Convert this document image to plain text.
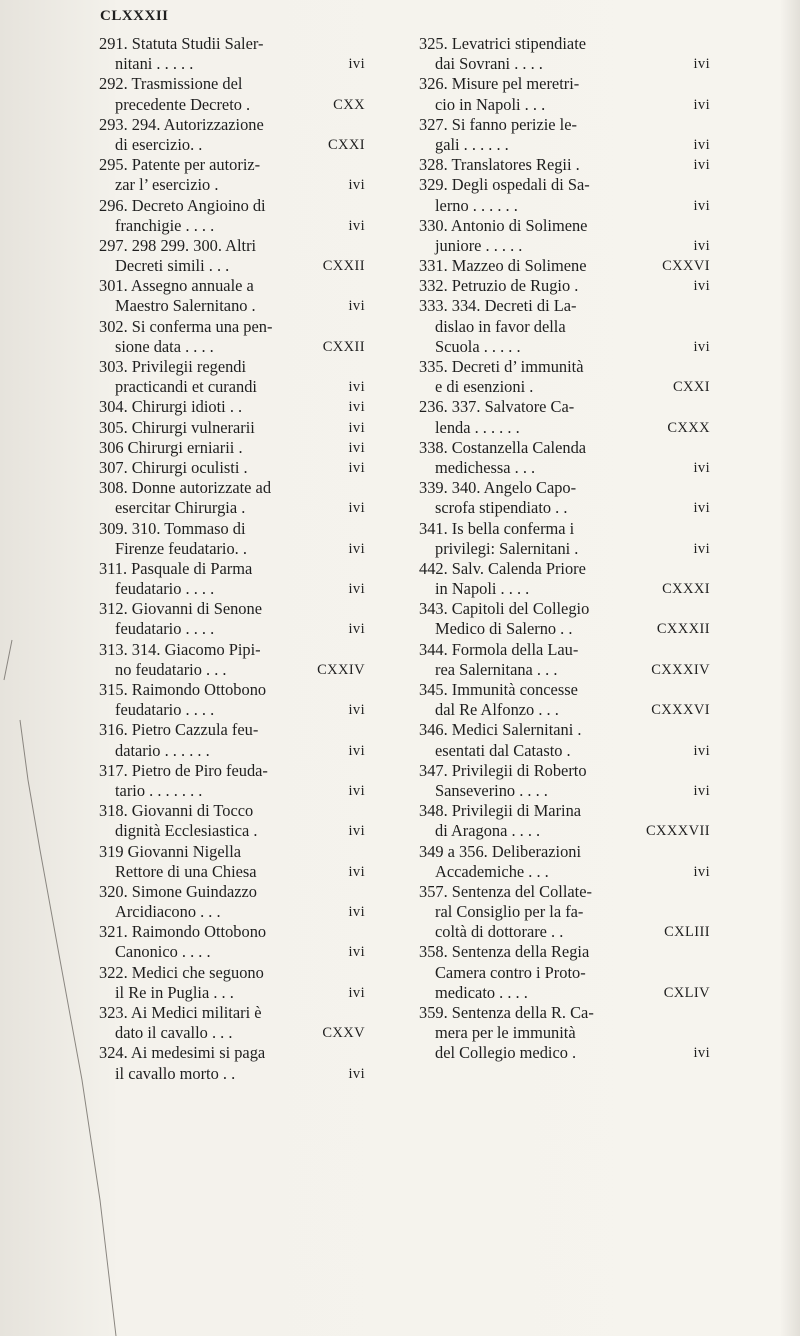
CLXXXII
291. Statuta Studii Saler-
nitani . . . . .	ivi
292. Trasmissione del
precedente Decreto .	CXX
293. 294. Autorizzazione
di esercizio. .	CXXI
295. Patente per autoriz-
zar l’ esercizio .	ivi
296. Decreto Angioino di
franchigie . . . .	ivi
297. 298 299. 300. Altri
Decreti simili . . .	CXXII
301. Assegno annuale a
Maestro Salernitano .	ivi
302. Si conferma una pen-
sione data . . . .	CXXII
303. Privilegii regendi
practicandi et curandi	ivi
304. Chirurgi idioti . .	ivi
305. Chirurgi vulnerarii	ivi
306 Chirurgi erniarii .	ivi
307. Chirurgi oculisti .	ivi
308. Donne autorizzate ad
esercitar Chirurgia .	ivi
309. 310. Tommaso di
Firenze feudatario. .	ivi
311. Pasquale di Parma
feudatario . . . .	ivi
312. Giovanni di Senone
feudatario . . . .	ivi
313. 314. Giacomo Pipi-
no feudatario . . .	CXXIV
315. Raimondo Ottobono
feudatario . . . .	ivi
316. Pietro Cazzula feu-
datario . . . . . .	ivi
317. Pietro de Piro feuda-
tario . . . . . . .	ivi
318. Giovanni di Tocco
dignità Ecclesiastica .	ivi
319 Giovanni Nigella
Rettore di una Chiesa	ivi
320. Simone Guindazzo
Arcidiacono . . .	ivi
321. Raimondo Ottobono
Canonico . . . .	ivi
322. Medici che seguono
il Re in Puglia . . .	ivi
323. Ai Medici militari è
dato il cavallo . . .	CXXV
324. Ai medesimi si paga
il cavallo morto . .	ivi
325. Levatrici stipendiate
dai Sovrani . . . .	ivi
326. Misure pel meretri-
cio in Napoli . . .	ivi
327. Si fanno perizie le-
gali . . . . . .	ivi
328. Translatores Regii .	ivi
329. Degli ospedali di Sa-
lerno . . . . . .	ivi
330. Antonio di Solimene
juniore . . . . .	ivi
331. Mazzeo di Solimene	CXXVI
332. Petruzio de Rugio .	ivi
333. 334. Decreti di La-
dislao in favor della
Scuola . . . . .	ivi
335. Decreti d’ immunità
e di esenzioni .	CXXI
236. 337. Salvatore Ca-
lenda . . . . . .	CXXX
338. Costanzella Calenda
medichessa . . .	ivi
339. 340. Angelo Capo-
scrofa stipendiato . .	ivi
341. Is bella conferma i
privilegi: Salernitani .	ivi
442. Salv. Calenda Priore
in Napoli . . . .	CXXXI
343. Capitoli del Collegio
Medico di Salerno . .	CXXXII
344. Formola della Lau-
rea Salernitana . . .	CXXXIV
345. Immunità concesse
dal Re Alfonzo . . .	CXXXVI
346. Medici Salernitani .
esentati dal Catasto .	ivi
347. Privilegii di Roberto
Sanseverino . . . .	ivi
348. Privilegii di Marina
di Aragona . . . .	CXXXVII
349 a 356. Deliberazioni
Accademiche . . .	ivi
357. Sentenza del Collate-
ral Consiglio per la fa-
coltà di dottorare . .	CXLIII
358. Sentenza della Regia
Camera contro i Proto-
medicato . . . .	CXLIV
359. Sentenza della R. Ca-
mera per le immunità
del Collegio medico .	ivi
